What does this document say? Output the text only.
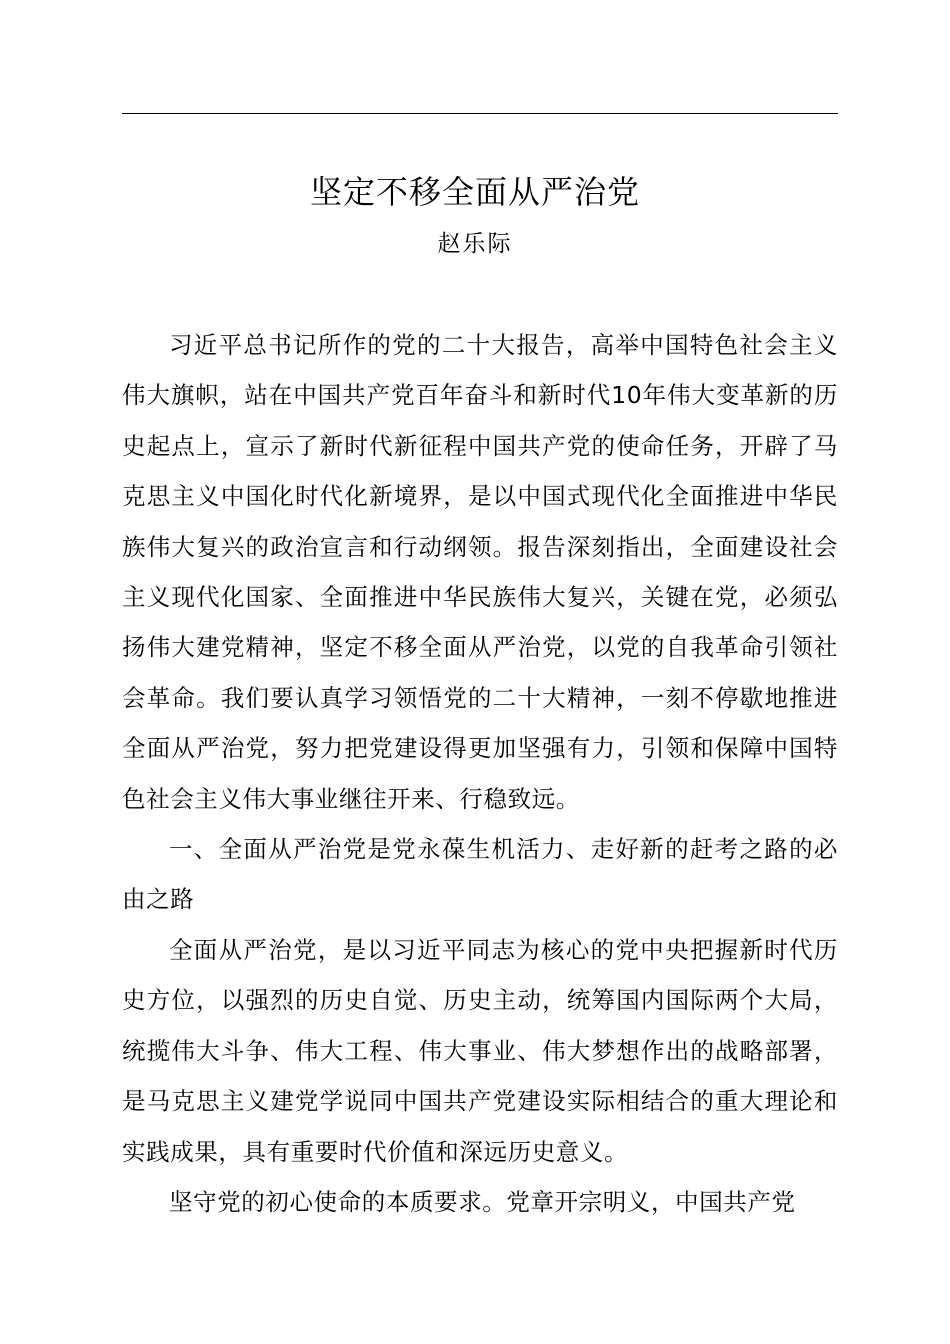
坚定不移全面从严治党
赵乐际

习近平总书记所作的党的二十大报告，高举中国特色社会主义伟大旗帜，站在中国共产党百年奋斗和新时代10年伟大变革新的历史起点上，宣示了新时代新征程中国共产党的使命任务，开辟了马克思主义中国化时代化新境界，是以中国式现代化全面推进中华民族伟大复兴的政治宣言和行动纲领。报告深刻指出，全面建设社会主义现代化国家、全面推进中华民族伟大复兴，关键在党，必须弘扬伟大建党精神，坚定不移全面从严治党，以党的自我革命引领社会革命。我们要认真学习领悟党的二十大精神，一刻不停歇地推进全面从严治党，努力把党建设得更加坚强有力，引领和保障中国特色社会主义伟大事业继往开来、行稳致远。

一、全面从严治党是党永葆生机活力、走好新的赶考之路的必由之路

全面从严治党，是以习近平同志为核心的党中央把握新时代历史方位，以强烈的历史自觉、历史主动，统筹国内国际两个大局，统揽伟大斗争、伟大工程、伟大事业、伟大梦想作出的战略部署，是马克思主义建党学说同中国共产党建设实际相结合的重大理论和实践成果，具有重要时代价值和深远历史意义。

坚守党的初心使命的本质要求。党章开宗明义，中国共产党
